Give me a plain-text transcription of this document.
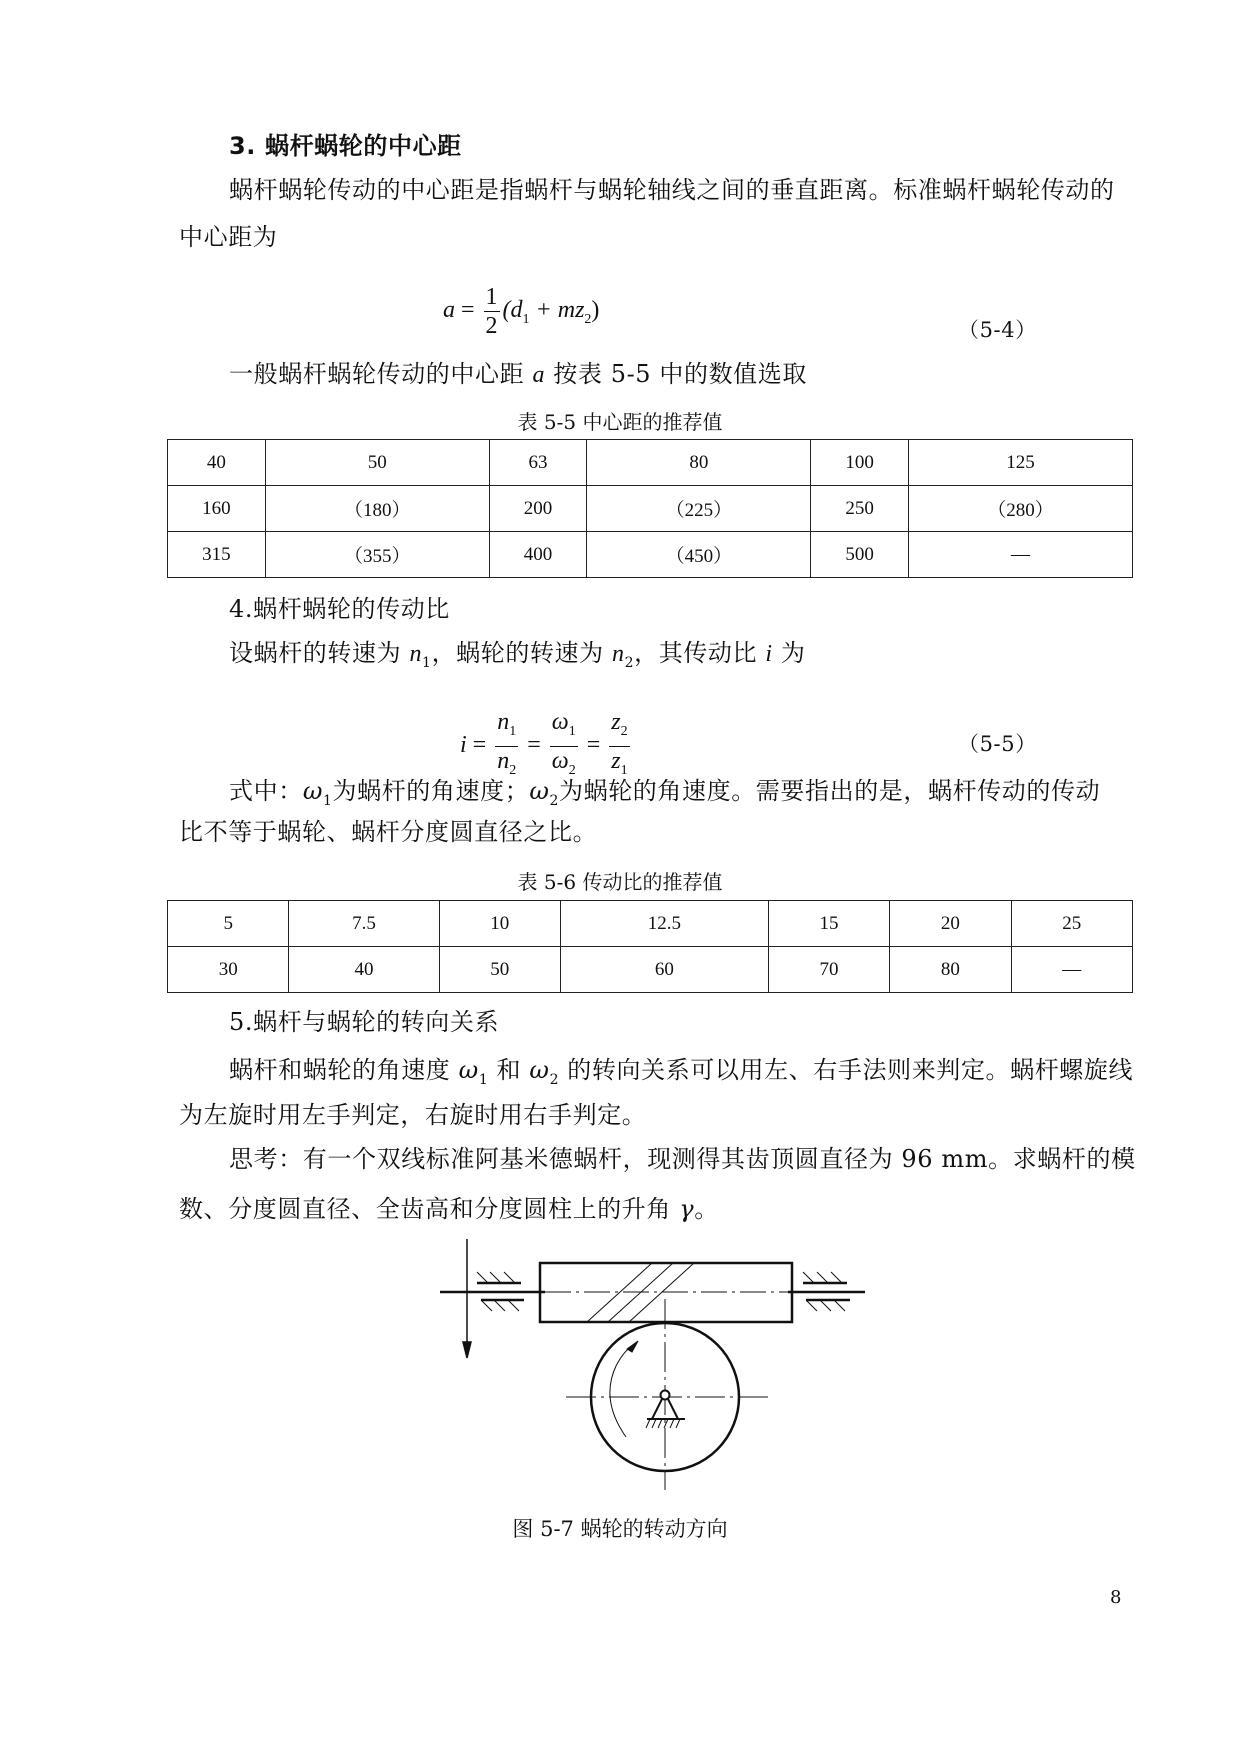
3. 蜗杆蜗轮的中心距
蜗杆蜗轮传动的中心距是指蜗杆与蜗轮轴线之间的垂直距离。标准蜗杆蜗轮传动的
中心距为
$a = \frac{1}{2} (d_1 + mz_2)$
（5-4）
一般蜗杆蜗轮传动的中心距 a 按表 5-5 中的数值选取
表 5-5 中心距的推荐值
40	50	63	80	100	125
160	（180）	200	（225）	250	（280）
315	（355）	400	（450）	500	—
4.蜗杆蜗轮的传动比
设蜗杆的转速为 $n_1$，蜗轮的转速为 $n_2$，其传动比 i 为
$i = \frac{n_1}{n_2} = \frac{\omega_1}{\omega_2} = \frac{z_2}{z_1}$	（5-5）
式中：$\omega_1$为蜗杆的角速度；$\omega_2$为蜗轮的角速度。需要指出的是，蜗杆传动的传动
比不等于蜗轮、蜗杆分度圆直径之比。
表 5-6 传动比的推荐值
5	7.5	10	12.5	15	20	25
30	40	50	60	70	80	—
5.蜗杆与蜗轮的转向关系
蜗杆和蜗轮的角速度 $\omega_1$ 和 $\omega_2$ 的转向关系可以用左、右手法则来判定。蜗杆螺旋线
为左旋时用左手判定，右旋时用右手判定。
思考：有一个双线标准阿基米德蜗杆，现测得其齿顶圆直径为 96 mm。求蜗杆的模
数、分度圆直径、全齿高和分度圆柱上的升角 γ。
图 5-7 蜗轮的转动方向
8
